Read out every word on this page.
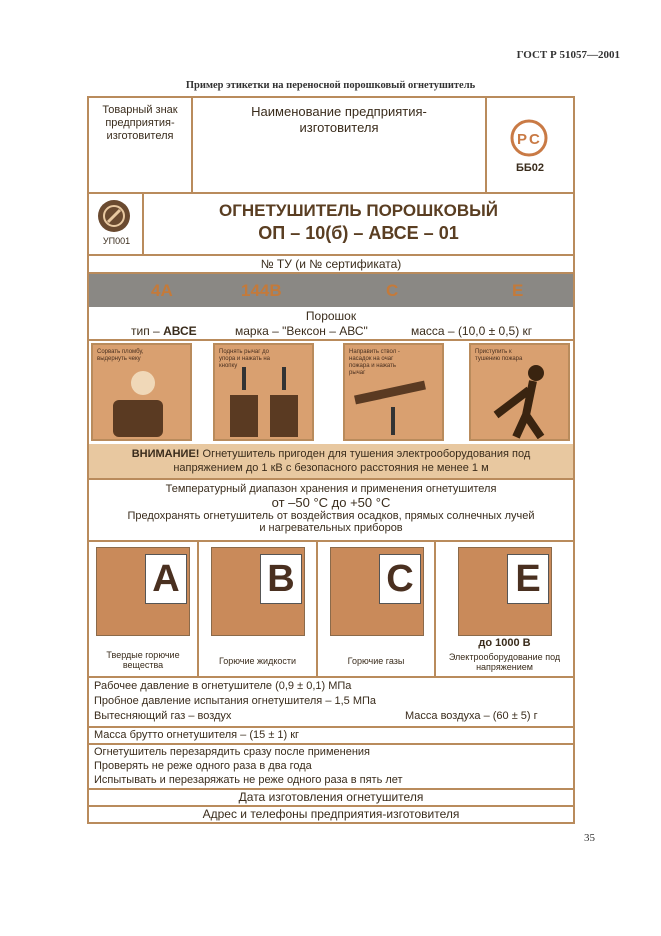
ГОСТ Р 51057—2001
Пример этикетки на переносной порошковый огнетушитель
Товарный знак предприятия-изготовителя
Наименование предприятия-изготовителя
Р С
ББ02
УП001
ОГНЕТУШИТЕЛЬ ПОРОШКОВЫЙ
ОП – 10(б) – АВСЕ – 01
№ ТУ (и № сертификата)
4А	144В	С	Е
Порошок
тип – АВСЕ	марка – "Вексон – АВС"	масса – (10,0 ± 0,5) кг
Сорвать пломбу, выдернуть чеку
Поднять рычаг до упора и нажать на кнопку
Направить ствол - насадок на очаг пожара и нажать рычаг
Приступить к тушению пожара
ВНИМАНИЕ! Огнетушитель пригоден для тушения электрооборудования под
напряжением до 1 кВ с безопасного расстояния не менее 1 м
Температурный диапазон хранения и применения огнетушителя
от –50 °С до +50 °С
Предохранять огнетушитель от воздействия осадков, прямых солнечных лучей
и нагревательных приборов
A
Твердые горючие вещества
B
Горючие жидкости
C
Горючие газы
E
до 1000 В
Электрооборудование под напряжением
Рабочее давление в огнетушителе (0,9 ± 0,1) МПа
Пробное давление испытания огнетушителя – 1,5 МПа
Вытесняющий газ – воздух	Масса воздуха – (60 ± 5) г
Масса брутто огнетушителя – (15 ± 1) кг
Огнетушитель перезарядить сразу после применения
Проверять не реже одного раза в два года
Испытывать и перезаряжать не реже одного раза в пять лет
Дата изготовления огнетушителя
Адрес и телефоны предприятия-изготовителя
35
